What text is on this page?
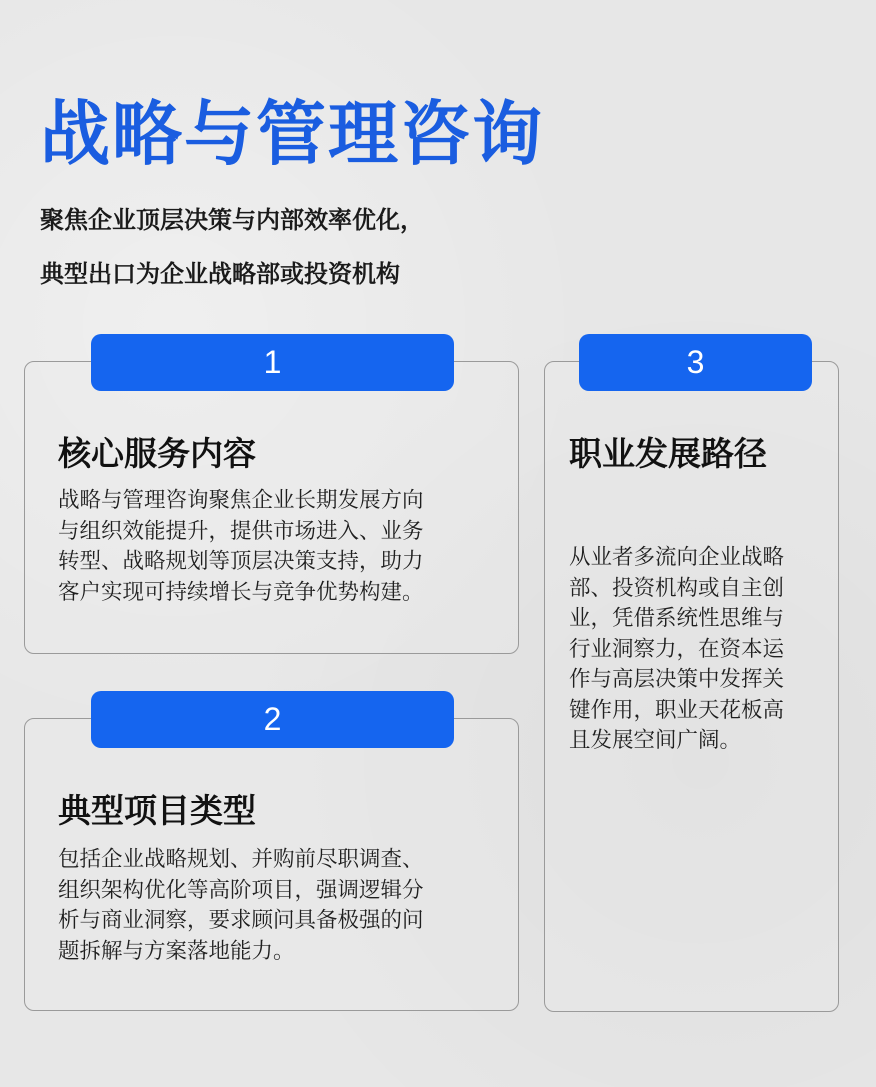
战略与管理咨询
聚焦企业顶层决策与内部效率优化，
典型出口为企业战略部或投资机构
1
核心服务内容
战略与管理咨询聚焦企业长期发展方向
与组织效能提升，提供市场进入、业务
转型、战略规划等顶层决策支持，助力
客户实现可持续增长与竞争优势构建。
2
典型项目类型
包括企业战略规划、并购前尽职调查、
组织架构优化等高阶项目，强调逻辑分
析与商业洞察，要求顾问具备极强的问
题拆解与方案落地能力。
3
职业发展路径
从业者多流向企业战略
部、投资机构或自主创
业，凭借系统性思维与
行业洞察力，在资本运
作与高层决策中发挥关
键作用，职业天花板高
且发展空间广阔。
